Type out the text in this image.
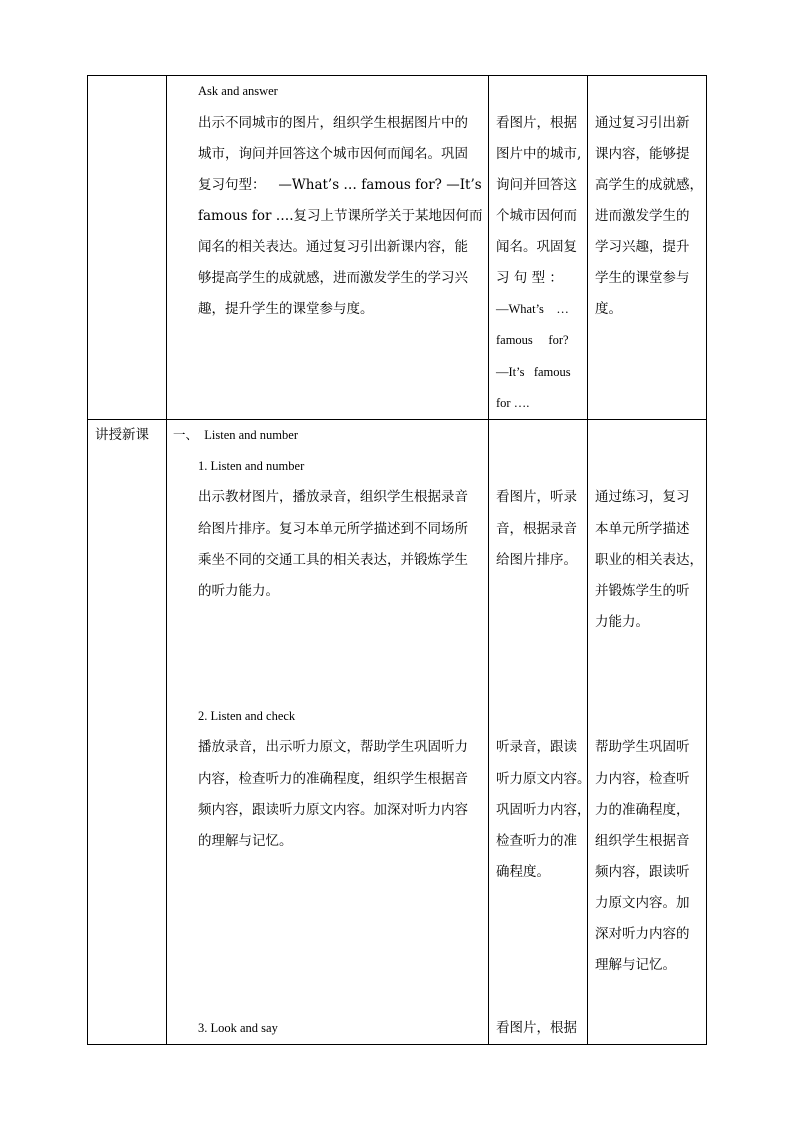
Ask and answer
出示不同城市的图片，组织学生根据图片中的
城市，询问并回答这个城市因何而闻名。巩固
复习句型：   —What’s … famous for? —It’s
famous for ….复习上节课所学关于某地因何而
闻名的相关表达。通过复习引出新课内容，能
够提高学生的成就感，进而激发学生的学习兴
趣，提升学生的课堂参与度。
看图片，根据
图片中的城市,
询问并回答这
个城市因何而
闻名。巩固复
习 句 型 ：
—What’s    …
famous     for?
—It’s   famous
for ….
通过复习引出新
课内容，能够提
高学生的成就感，
进而激发学生的
学习兴趣，提升
学生的课堂参与
度。
讲授新课 一、  Listen and number
1. Listen and number
出示教材图片，播放录音，组织学生根据录音
给图片排序。复习本单元所学描述到不同场所
乘坐不同的交通工具的相关表达，并锻炼学生
的听力能力。
看图片，听录
音，根据录音
给图片排序。
通过练习，复习
本单元所学描述
职业的相关表达，
并锻炼学生的听
力能力。
2. Listen and check
播放录音，出示听力原文，帮助学生巩固听力
内容，检查听力的准确程度，组织学生根据音
频内容，跟读听力原文内容。加深对听力内容
的理解与记忆。
听录音，跟读
听力原文内容。
巩固听力内容，
检查听力的准
确程度。
帮助学生巩固听
力内容，检查听
力的准确程度，
组织学生根据音
频内容，跟读听
力原文内容。加
深对听力内容的
理解与记忆。
3. Look and say	看图片，根据
